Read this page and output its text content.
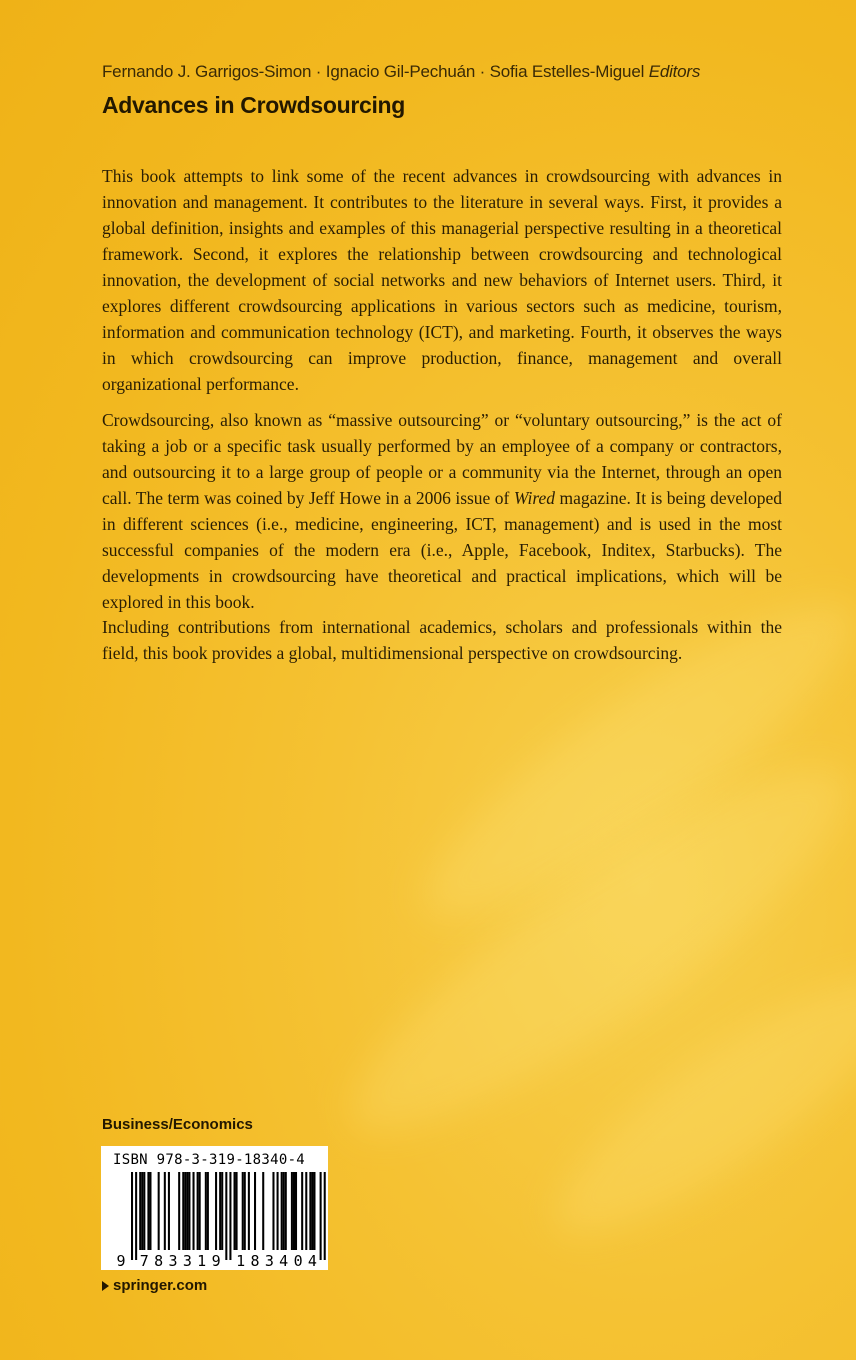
Fernando J. Garrigos-Simon · Ignacio Gil-Pechuán · Sofia Estelles-Miguel Editors
Advances in Crowdsourcing
This book attempts to link some of the recent advances in crowdsourcing with advances in innovation and management. It contributes to the literature in several ways. First, it provides a global definition, insights and examples of this managerial perspective resulting in a theoretical framework. Second, it explores the relationship between crowdsourcing and technological innovation, the development of social networks and new behaviors of Internet users. Third, it explores different crowdsourcing applications in various sectors such as medicine, tourism, information and communication technology (ICT), and marketing. Fourth, it observes the ways in which crowdsourcing can improve production, finance, management and overall organizational performance.
Crowdsourcing, also known as “massive outsourcing” or “voluntary outsourcing,” is the act of taking a job or a specific task usually performed by an employee of a company or contractors, and outsourcing it to a large group of people or a community via the Internet, through an open call. The term was coined by Jeff Howe in a 2006 issue of Wired magazine. It is being developed in different sciences (i.e., medicine, engineering, ICT, management) and is used in the most successful companies of the modern era (i.e., Apple, Facebook, Inditex, Starbucks). The developments in crowdsourcing have theoretical and practical implications, which will be explored in this book.
Including contributions from international academics, scholars and professionals within the field, this book provides a global, multidimensional perspective on crowdsourcing.
Business/Economics
9 7 8 3 3 1 9 1 8 3 4 0 4
ISBN 978-3-319-18340-4
springer.com
